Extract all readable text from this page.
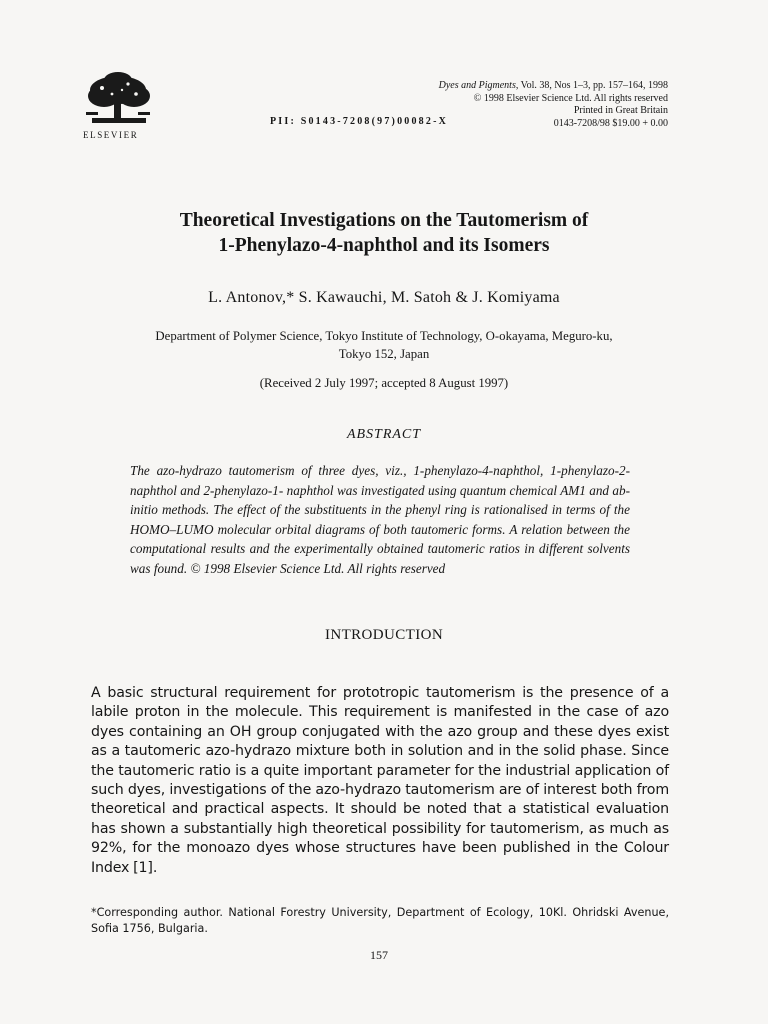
ELSEVIER
PII: S0143-7208(97)00082-X
Dyes and Pigments, Vol. 38, Nos 1–3, pp. 157–164, 1998
© 1998 Elsevier Science Ltd. All rights reserved
Printed in Great Britain
0143-7208/98 $19.00 + 0.00
Theoretical Investigations on the Tautomerism of
1-Phenylazo-4-naphthol and its Isomers
L. Antonov,* S. Kawauchi, M. Satoh & J. Komiyama
Department of Polymer Science, Tokyo Institute of Technology, O-okayama, Meguro-ku,
Tokyo 152, Japan
(Received 2 July 1997; accepted 8 August 1997)
ABSTRACT
The azo-hydrazo tautomerism of three dyes, viz., 1-phenylazo-4-naphthol, 1-phenylazo-2-naphthol and 2-phenylazo-1- naphthol was investigated using quantum chemical AM1 and ab-initio methods. The effect of the substituents in the phenyl ring is rationalised in terms of the HOMO–LUMO molecular orbital diagrams of both tautomeric forms. A relation between the computational results and the experimentally obtained tautomeric ratios in different solvents was found. © 1998 Elsevier Science Ltd. All rights reserved
INTRODUCTION
A basic structural requirement for prototropic tautomerism is the presence of a labile proton in the molecule. This requirement is manifested in the case of azo dyes containing an OH group conjugated with the azo group and these dyes exist as a tautomeric azo-hydrazo mixture both in solution and in the solid phase. Since the tautomeric ratio is a quite important parameter for the industrial application of such dyes, investigations of the azo-hydrazo tautomerism are of interest both from theoretical and practical aspects. It should be noted that a statistical evaluation has shown a substantially high theoretical possibility for tautomerism, as much as 92%, for the monoazo dyes whose structures have been published in the Colour Index [1].
*Corresponding author. National Forestry University, Department of Ecology, 10Kl. Ohridski Avenue, Sofia 1756, Bulgaria.
157
